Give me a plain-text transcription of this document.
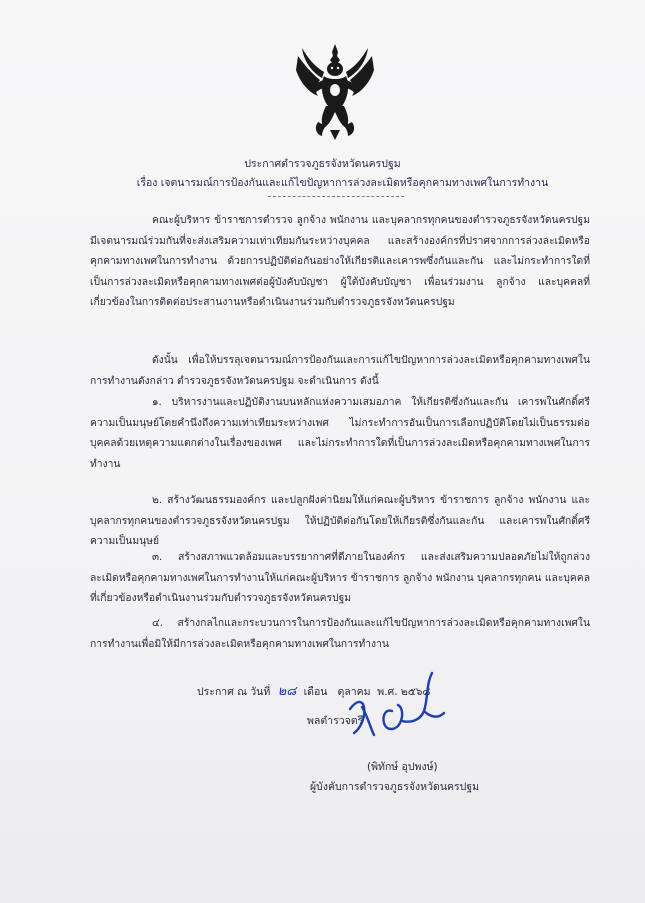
ประกาศตำรวจภูธรจังหวัดนครปฐม
เรื่อง เจตนารมณ์การป้องกันและแก้ไขปัญหาการล่วงละเมิดหรือคุกคามทางเพศในการทำงาน
คณะผู้บริหาร ข้าราชการตำรวจ ลูกจ้าง พนักงาน และบุคลากรทุกคนของตำรวจภูธรจังหวัดนครปฐม มีเจตนารมณ์ร่วมกันที่จะส่งเสริมความเท่าเทียมกันระหว่างบุคคล และสร้างองค์กรที่ปราศจากการล่วงละเมิดหรือคุกคามทางเพศในการทำงาน ด้วยการปฏิบัติต่อกันอย่างให้เกียรติและเคารพซึ่งกันและกัน และไม่กระทำการใดที่เป็นการล่วงละเมิดหรือคุกคามทางเพศต่อผู้บังคับบัญชา ผู้ใต้บังคับบัญชา เพื่อนร่วมงาน ลูกจ้าง และบุคคลที่เกี่ยวข้องในการติดต่อประสานงานหรือดำเนินงานร่วมกับตำรวจภูธรจังหวัดนครปฐม
ดังนั้น เพื่อให้บรรลุเจตนารมณ์การป้องกันและการแก้ไขปัญหาการล่วงละเมิดหรือคุกคามทางเพศในการทำงานดังกล่าว ตำรวจภูธรจังหวัดนครปฐม จะดำเนินการ ดังนี้
๑. บริหารงานและปฏิบัติงานบนหลักแห่งความเสมอภาค ให้เกียรติซึ่งกันและกัน เคารพในศักดิ์ศรีความเป็นมนุษย์โดยคำนึงถึงความเท่าเทียมระหว่างเพศ ไม่กระทำการอันเป็นการเลือกปฏิบัติโดยไม่เป็นธรรมต่อบุคคลด้วยเหตุความแตกต่างในเรื่องของเพศ และไม่กระทำการใดที่เป็นการล่วงละเมิดหรือคุกคามทางเพศในการทำงาน
๒. สร้างวัฒนธรรมองค์กร และปลูกฝังค่านิยมให้แก่คณะผู้บริหาร ข้าราชการ ลูกจ้าง พนักงาน และบุคลากรทุกคนของตำรวจภูธรจังหวัดนครปฐม ให้ปฏิบัติต่อกันโดยให้เกียรติซึ่งกันและกัน และเคารพในศักดิ์ศรีความเป็นมนุษย์
๓. สร้างสภาพแวดล้อมและบรรยากาศที่ดีภายในองค์กร และส่งเสริมความปลอดภัยไม่ให้ถูกล่วงละเมิดหรือคุกคามทางเพศในการทำงานให้แก่คณะผู้บริหาร ข้าราชการ ลูกจ้าง พนักงาน บุคลากรทุกคน และบุคคลที่เกี่ยวข้องหรือดำเนินงานร่วมกับตำรวจภูธรจังหวัดนครปฐม
๔. สร้างกลไกและกระบวนการในการป้องกันและแก้ไขปัญหาการล่วงละเมิดหรือคุกคามทางเพศในการทำงานเพื่อมิให้มีการล่วงละเมิดหรือคุกคามทางเพศในการทำงาน
ประกาศ ณ วันที่ ๒๘ เดือน ตุลาคม พ.ศ. ๒๕๖๘
พลตำรวจตรี
(พิทักษ์ อุปพงษ์)
ผู้บังคับการตำรวจภูธรจังหวัดนครปฐม
